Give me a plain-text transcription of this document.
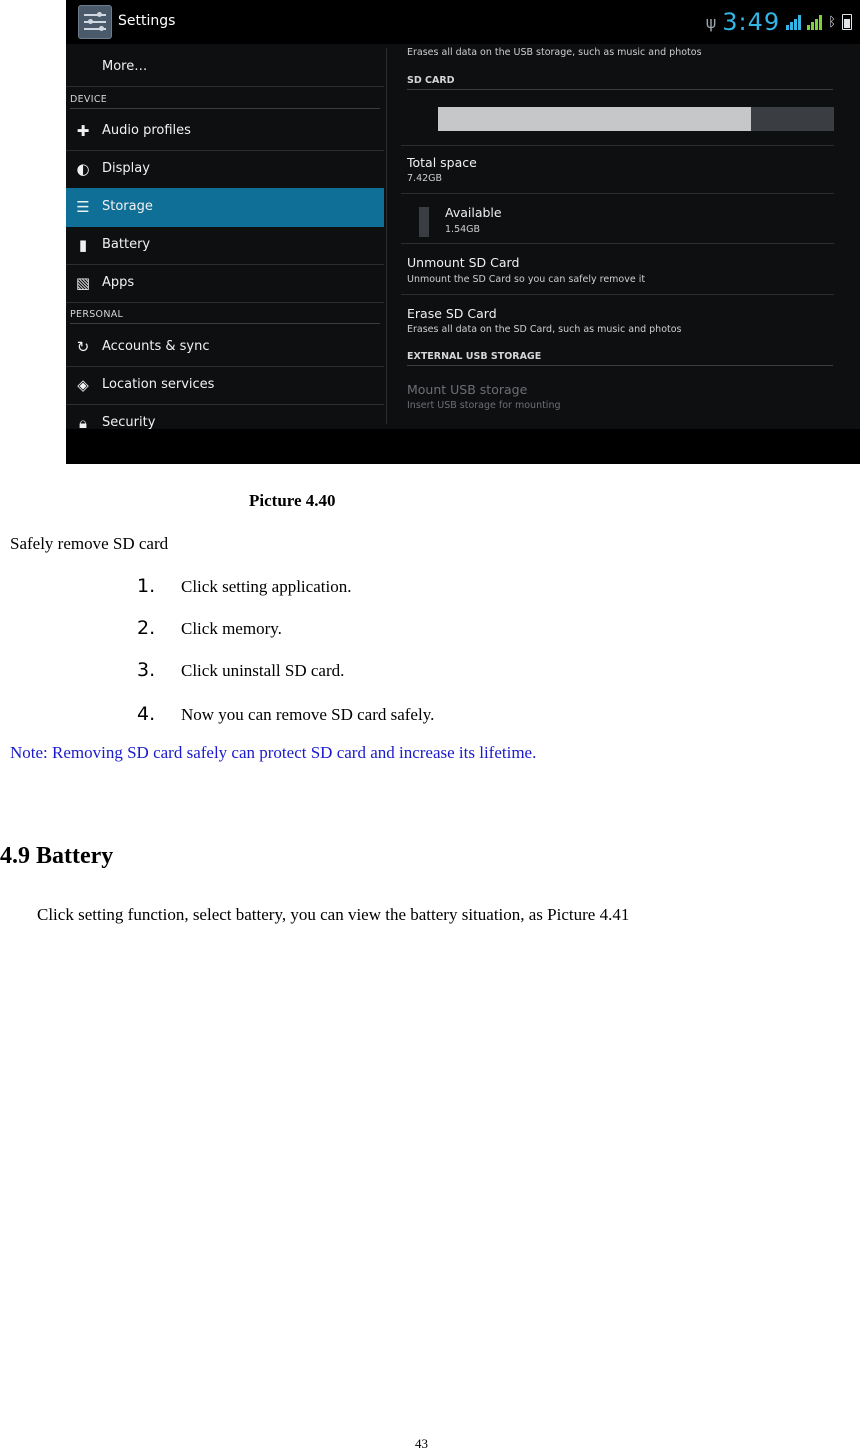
Settings	ψ 3:49	ᛒ
More…
DEVICE
✚ Audio profiles
◐ Display
☰ Storage
▮	Battery
▧ Apps
PERSONAL
↻ Accounts & sync
◈ Location services
🔒︎	Security
Erases all data on the USB storage, such as music and photos
SD CARD
Total space
7.42GB
Available
1.54GB
Unmount SD Card
Unmount the SD Card so you can safely remove it
Erase SD Card
Erases all data on the SD Card, such as music and photos
EXTERNAL USB STORAGE
Mount USB storage
Insert USB storage for mounting
Picture 4.40
Safely remove SD card
1. Click setting application.
2. Click memory.
3. Click uninstall SD card.
4. Now you can remove SD card safely.
Note: Removing SD card safely can protect SD card and increase its lifetime.
4.9 Battery
Click setting function, select battery, you can view the battery situation, as Picture 4.41
43
